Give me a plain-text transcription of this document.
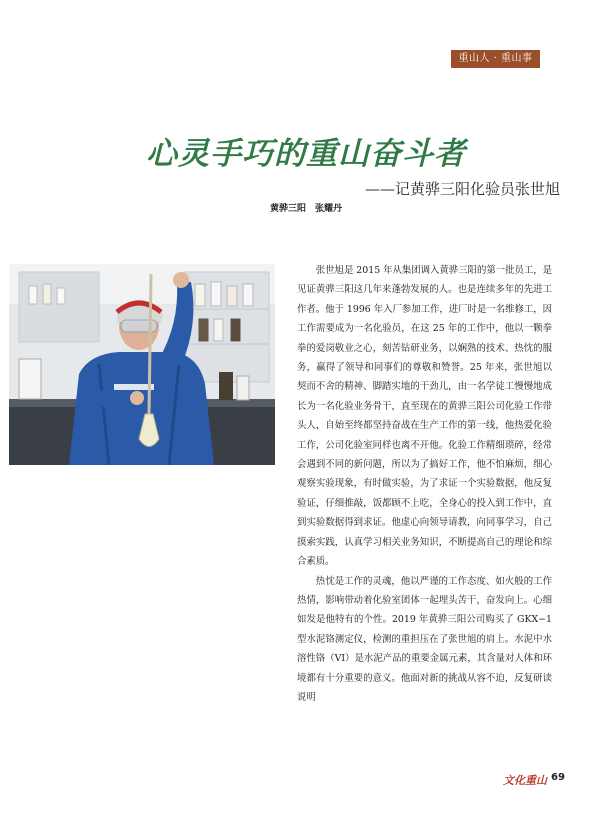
重山人 · 重山事
心灵手巧的重山奋斗者
——记黄骅三阳化验员张世旭
黄骅三阳　张耀丹

张世旭是 2015 年从集团调入黄骅三阳的第一批员工，是见证黄骅三阳这几年来蓬勃发展的人。也是连续多年的先进工作者。他于 1996 年入厂参加工作，进厂时是一名维修工，因工作需要成为一名化验员，在这 25 年的工作中，他以一颗拳拳的爱岗敬业之心，刻苦钻研业务，以娴熟的技术、热忱的服务，赢得了领导和同事们的尊敬和赞誉。25 年来，张世旭以契而不舍的精神、脚踏实地的干劲儿，由一名学徒工慢慢地成长为一名化验业务骨干，直至现在的黄骅三阳公司化验工作带头人，自始至终都坚持奋战在生产工作的第一线，他热爱化验工作，公司化验室同样也离不开他。化验工作精细琐碎，经常会遇到不同的新问题，所以为了搞好工作，他不怕麻烦，细心观察实验现象，有时做实验，为了求证一个实验数据，他反复验证，仔细推敲，饭都顾不上吃，全身心的投入到工作中，直到实验数据得到求证。他虚心向领导请教，向同事学习，自己摸索实践，认真学习相关业务知识，不断提高自己的理论和综合素质。

热忱是工作的灵魂，他以严谨的工作态度、如火般的工作热情，影响带动着化验室团体一起埋头苦干，奋发向上。心细如发是他特有的个性。2019 年黄骅三阳公司购买了 GKX−1 型水泥铬测定仪，检测的重担压在了张世旭的肩上。水泥中水溶性铬（VI）是水泥产品的重要金属元素，其含量对人体和环境都有十分重要的意义。他面对新的挑战从容不迫，反复研读说明

文化重山 69
